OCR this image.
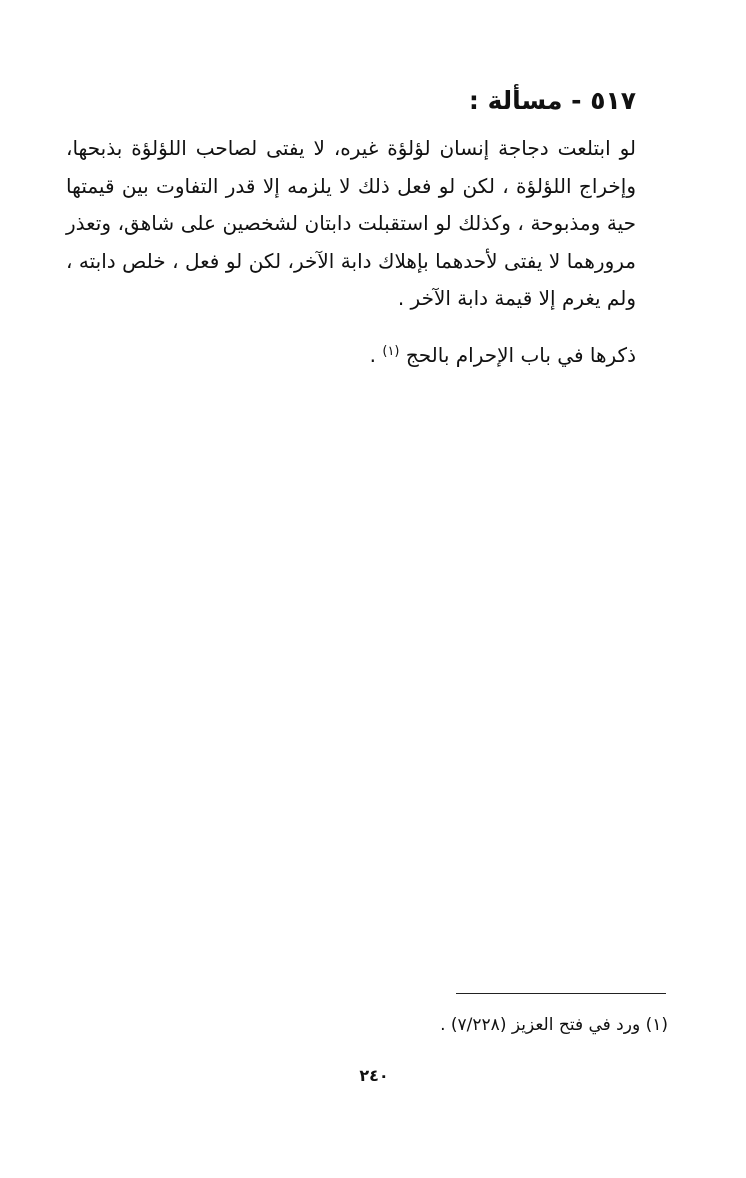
٥١٧ - مسألة :

لو ابتلعت دجاجة إنسان لؤلؤة غيره، لا يفتى لصاحب اللؤلؤة بذبحها، وإخراج اللؤلؤة ، لكن لو فعل ذلك لا يلزمه إلا قدر التفاوت بين قيمتها حية ومذبوحة ، وكذلك لو استقبلت دابتان لشخصين على شاهق، وتعذر مرورهما لا يفتى لأحدهما بإهلاك دابة الآخر، لكن لو فعل ، خلص دابته ، ولم يغرم إلا قيمة دابة الآخر .

ذكرها في باب الإحرام بالحج $^{(١)}$ .
(١) ورد في فتح العزيز (٧/٢٢٨) .
٢٤٠
